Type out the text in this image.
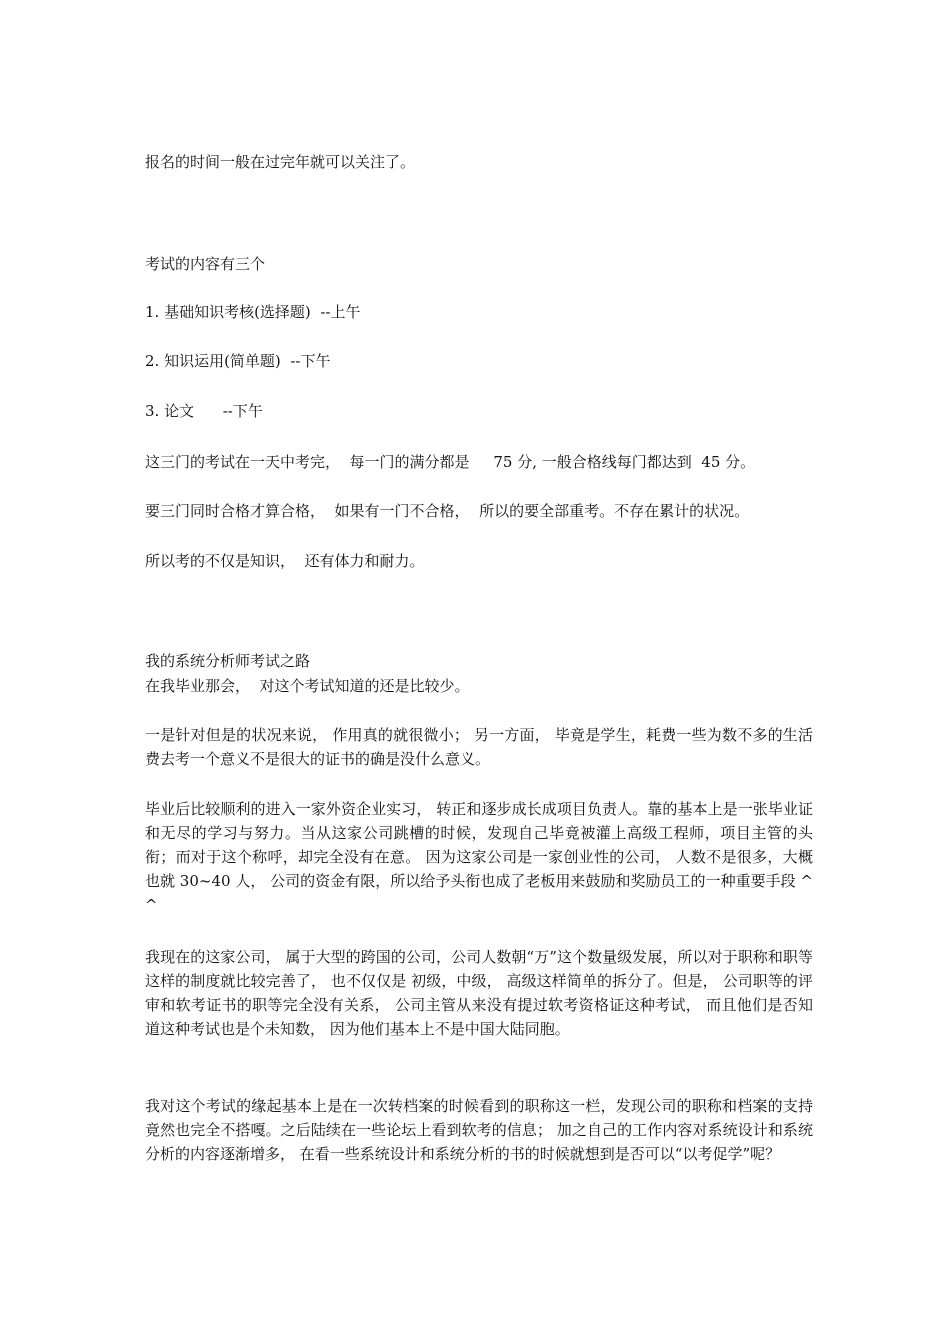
报名的时间一般在过完年就可以关注了。

考试的内容有三个

1. 基础知识考核(选择题)  --上午

2. 知识运用(简单题)  --下午

3. 论文      --下午

这三门的考试在一天中考完，  每一门的满分都是     75 分, 一般合格线每门都达到  45 分。

要三门同时合格才算合格，  如果有一门不合格，  所以的要全部重考。不存在累计的状况。

所以考的不仅是知识，  还有体力和耐力。

我的系统分析师考试之路

在我毕业那会，  对这个考试知道的还是比较少。

一是针对但是的状况来说， 作用真的就很微小； 另一方面， 毕竟是学生，耗费一些为数不多的生活费去考一个意义不是很大的证书的确是没什么意义。

毕业后比较顺利的进入一家外资企业实习， 转正和逐步成长成项目负责人。靠的基本上是一张毕业证和无尽的学习与努力。当从这家公司跳槽的时候，发现自己毕竟被灌上高级工程师，项目主管的头衔；而对于这个称呼，却完全没有在意。 因为这家公司是一家创业性的公司， 人数不是很多，大概也就 30~40 人， 公司的资金有限，所以给予头衔也成了老板用来鼓励和奖励员工的一种重要手段 ^^

我现在的这家公司， 属于大型的跨国的公司，公司人数朝“万”这个数量级发展，所以对于职称和职等这样的制度就比较完善了， 也不仅仅是 初级，中级， 高级这样简单的拆分了。但是， 公司职等的评审和软考证书的职等完全没有关系， 公司主管从来没有提过软考资格证这种考试， 而且他们是否知道这种考试也是个未知数， 因为他们基本上不是中国大陆同胞。

我对这个考试的缘起基本上是在一次转档案的时候看到的职称这一栏，发现公司的职称和档案的支持竟然也完全不搭嘎。之后陆续在一些论坛上看到软考的信息； 加之自己的工作内容对系统设计和系统分析的内容逐渐增多， 在看一些系统设计和系统分析的书的时候就想到是否可以“以考促学”呢？
